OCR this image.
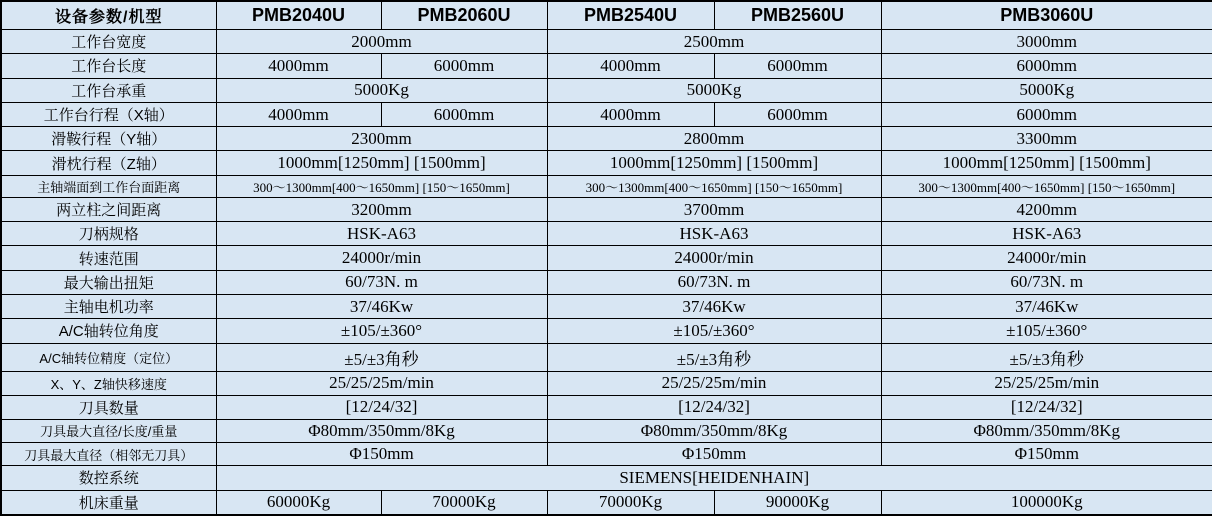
设备参数/机型	PMB2040U	PMB2060U	PMB2540U	PMB2560U	PMB3060U
工作台宽度	2000mm		2500mm		3000mm
工作台长度	4000mm	6000mm	4000mm	6000mm	6000mm
工作台承重	5000Kg		5000Kg		5000Kg
工作台行程（X轴）	4000mm	6000mm	4000mm	6000mm	6000mm
滑鞍行程（Y轴）	2300mm		2800mm		3300mm
滑枕行程（Z轴）	1000mm[1250mm] [1500mm]		1000mm[1250mm] [1500mm]		1000mm[1250mm] [1500mm]
主轴端面到工作台面距离	300～1300mm[400～1650mm] [150～1650mm]		300～1300mm[400～1650mm] [150～1650mm]		300～1300mm[400～1650mm] [150～1650mm]
两立柱之间距离	3200mm		3700mm		4200mm
刀柄规格	HSK-A63		HSK-A63		HSK-A63
转速范围	24000r/min		24000r/min		24000r/min
最大输出扭矩	60/73N. m		60/73N. m		60/73N. m
主轴电机功率	37/46Kw		37/46Kw		37/46Kw
A/C轴转位角度	±105/±360°		±105/±360°		±105/±360°
A/C轴转位精度（定位）	±5/±3角秒		±5/±3角秒		±5/±3角秒
X、Y、Z轴快移速度	25/25/25m/min		25/25/25m/min		25/25/25m/min
刀具数量	[12/24/32]		[12/24/32]		[12/24/32]
刀具最大直径/长度/重量	Φ80mm/350mm/8Kg		Φ80mm/350mm/8Kg		Φ80mm/350mm/8Kg
刀具最大直径（相邻无刀具）	Φ150mm		Φ150mm		Φ150mm
数控系统	SIEMENS[HEIDENHAIN]				
机床重量	60000Kg	70000Kg	70000Kg	90000Kg	100000Kg
